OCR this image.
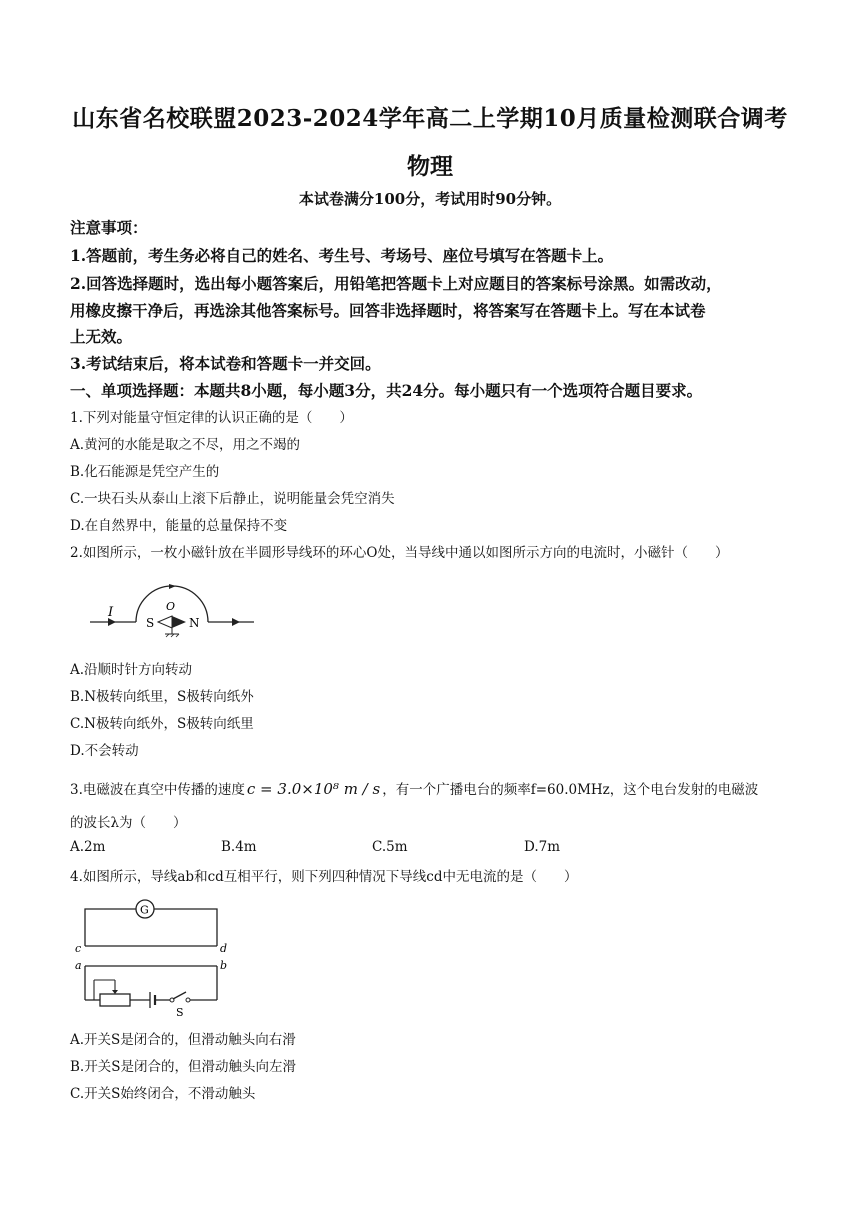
山东省名校联盟2023-2024学年高二上学期10月质量检测联合调考
物理
本试卷满分100分，考试用时90分钟。
注意事项：
1.答题前，考生务必将自己的姓名、考生号、考场号、座位号填写在答题卡上。
2.回答选择题时，选出每小题答案后，用铅笔把答题卡上对应题目的答案标号涂黑。如需改动，
用橡皮擦干净后，再选涂其他答案标号。回答非选择题时，将答案写在答题卡上。写在本试卷
上无效。
3.考试结束后，将本试卷和答题卡一并交回。
一、单项选择题：本题共8小题，每小题3分，共24分。每小题只有一个选项符合题目要求。
1.下列对能量守恒定律的认识正确的是（　　）
A.黄河的水能是取之不尽，用之不竭的
B.化石能源是凭空产生的
C.一块石头从泰山上滚下后静止，说明能量会凭空消失
D.在自然界中，能量的总量保持不变
2.如图所示，一枚小磁针放在半圆形导线环的环心O处，当导线中通以如图所示方向的电流时，小磁针（　　）
I	O
S	N
A.沿顺时针方向转动
B.N极转向纸里，S极转向纸外
C.N极转向纸外，S极转向纸里
D.不会转动
3.电磁波在真空中传播的速度 c = 3.0×10⁸ m / s ，有一个广播电台的频率f=60.0MHz，这个电台发射的电磁波
的波长λ为（　　）
A.2m	B.4m	C.5m	D.7m
4.如图所示，导线ab和cd互相平行，则下列四种情况下导线cd中无电流的是（　　）
G
c	d
a	b
S
A.开关S是闭合的，但滑动触头向右滑
B.开关S是闭合的，但滑动触头向左滑
C.开关S始终闭合，不滑动触头
